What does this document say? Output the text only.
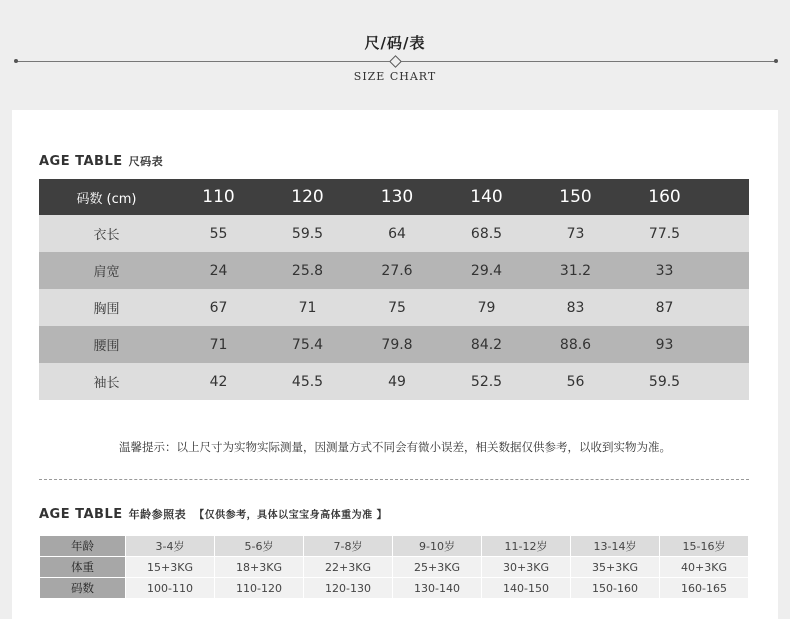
尺/码/表
SIZE CHART
AGE TABLE 尺码表
码数 (cm)	110	120	130	140	150	160	
衣长	55	59.5	64	68.5	73	77.5	
肩宽	24	25.8	27.6	29.4	31.2	33	
胸围	67	71	75	79	83	87	
腰围	71	75.4	79.8	84.2	88.6	93	
袖长	42	45.5	49	52.5	56	59.5	
温馨提示：以上尺寸为实物实际测量，因测量方式不同会有微小误差，相关数据仅供参考，以收到实物为准。
AGE TABLE 年龄参照表 【仅供参考，具体以宝宝身高体重为准 】
年龄	3-4岁	5-6岁	7-8岁	9-10岁	11-12岁	13-14岁	15-16岁
体重	15+3KG	18+3KG	22+3KG	25+3KG	30+3KG	35+3KG	40+3KG
码数	100-110	110-120	120-130	130-140	140-150	150-160	160-165
